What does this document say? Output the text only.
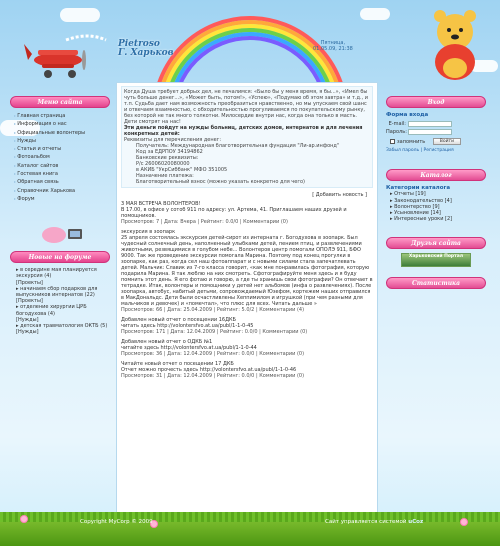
Pietroso
Г. Харьков
Пятница,
01.05.09, 21:38
Меню сайта
▸ Главная страница
▸ Информация о нас
▸ Официальные волонтеры
▸ Нужды
▸ Статьи и отчеты
▸ Фотоальбом
▸ Каталог сайтов
▸ Гостевая книга
▸ Обратная связь
▸ Справочник Харькова
▸ Форум
Новые на форуме
▸ в середине мая планируется экскурсия (4)
[Проекты]
▸ начинаем сбор подарков для выпускников интернатов (22)
[Проекты]
▸ отделение хирургии ЦРБ богодухова (4)
[Нужды]
▸ детская травматология ОКТБ (5)
[Нужды]

Когда Душа требует добрых дел, не печалимся: «Было бы у меня время, я бы...», «Имел бы чуть больше денег...», «Может быть, потом!», «Успею», «Подумаю об этом завтра» и т.д., и т.п. Судьба дает нам возможность преобразиться нравственно, но мы упускаем свой шанс и отвечаем взаимностью, с обходительностью прогуливаемся по покупательскому рынку, без которой не так много толкотни. Милосердие внутри нас, когда она только в масть.

Дети смотрят на нас!

Эти деньги пойдут на нужды больниц, детских домов, интернатов и для лечения конкретных детей:

Реквизиты для перечисления денег:

Получатель: Международная благотворительная фундация "Ли-ар.инфонд"
Код за ЕДРПОУ 34194862
Банковские реквизиты:
Р/с 26006020080000
в АКИБ "УкрСиббанк" МФО 351005
Назначение платежа:
Благотворительный взнос (можно указать конкретно для чего)
[ Добавить новость ]
3 МАЯ ВСТРЕЧА ВОЛОНТЕРОВ!
В 17.00, в офисе у сотоб 911 по адресу: ул. Артема, 41. Приглашаем наших друзей и помощников.
Просмотров: 7 | Дата: Вчера | Рейтинг: 0.0/0 | Комментарии (0)
экскурсия в зоопарк
25 апреля состоялась экскурсия детей-сирот из интерната г. Богодухова в зоопарк. Был чудесный солнечный день, наполненный улыбками детей, пением птиц, и развлечениями животными, резвящимися в голубом небе... Волонтеров центр помогали ОПОЛЭ 911, БФО 9000. Так же проведение экскурсии помогала Марина. Поэтому под конец прогулки в зоопарке, как раз, когда сел наш фотоаппарат и с новыми силами стала запечатлевать детей. Мальчик: Славик из 7-го класса говорит, «как мне понравилась фотография, которую подарила Марина. Я так люблю на них смотреть. Сфотографируйте меня здесь и я буду помнить этот день. Я его фотаю и говорю, а где ты хранишь свои фотографии? Он отвечает в тетрадке. Итак, волонтеры и помощники у детей нет альбомов (инфа о развлечениях). После зоопарка, автобус, набитый детьми, сопровождаемый Юзефом, кортежем наших отправился в МакДональдс. Дети были осчастливлены Хеппимилом и игрушкой (при чем разными для мальчиков и девочек) и «помечтал», что плюс для всех. Читать дальше »
Просмотров: 66 | Дата: 25.04.2009 | Рейтинг: 5.0/2 | Комментарии (4)
Добавлен новый отчет о посещении 16ДКБ
читать здесь http://volontersfvo.at.ua/publ/1-1-0-45
Просмотров: 171 | Дата: 12.04.2009 | Рейтинг: 0.0/0 | Комментарии (0)
Добавлен новый отчет о ОДКБ №1
читайте здесь http://volontersfvo.at.ua/publ/1-1-0-44
Просмотров: 36 | Дата: 12.04.2009 | Рейтинг: 0.0/0 | Комментарии (0)
Читайте новый отчет о посещении 17 ДКБ
Отчет можно прочесть здесь http://volontersfvo.at.ua/publ/1-1-0-46
Просмотров: 31 | Дата: 12.04.2009 | Рейтинг: 0.0/0 | Комментарии (0)
Вход
Форма входа
E-mail:
Пароль:
запомнить	Войти
Забыл пароль | Регистрация
Каталог
Категории каталога
▸ Отчеты [19]
▸ Законодательство [4]
▸ Волонтерство [9]
▸ Усыновление [14]
▸ Интересные уроки [2]
Друзья сайта
Харьковский Портал
Статистика
Copyright MyCorp © 2009	Сайт управляется системой uCoz
